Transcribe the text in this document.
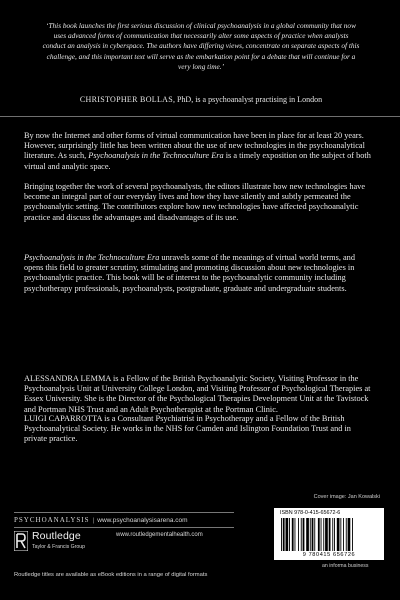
‘This book launches the first serious discussion of clinical psychoanalysis in a global community that now uses advanced forms of communication that necessarily alter some aspects of practice when analysts conduct an analysis in cyberspace. The authors have differing views, concentrate on separate aspects of this challenge, and this important text will serve as the embarkation point for a debate that will continue for a very long time.’
CHRISTOPHER BOLLAS, PhD, is a psychoanalyst practising in London

By now the Internet and other forms of virtual communication have been in place for at least 20 years. However, surprisingly little has been written about the use of new technologies in the psychoanalytical literature. As such, Psychoanalysis in the Technoculture Era is a timely exposition on the subject of both virtual and analytic space.

Bringing together the work of several psychoanalysts, the editors illustrate how new technologies have become an integral part of our everyday lives and how they have silently and subtly permeated the psychoanalytic setting. The contributors explore how new technologies have affected psychoanalytic practice and discuss the advantages and disadvantages of its use.

Psychoanalysis in the Technoculture Era unravels some of the meanings of virtual world terms, and opens this field to greater scrutiny, stimulating and promoting discussion about new technologies in psychoanalytic practice. This book will be of interest to the psychoanalytic community including psychotherapy professionals, psychoanalysts, postgraduate, graduate and undergraduate students.

ALESSANDRA LEMMA is a Fellow of the British Psychoanalytic Society, Visiting Professor in the Psychoanalysis Unit at University College London, and Visiting Professor of Psychological Therapies at Essex University. She is the Director of the Psychological Therapies Development Unit at the Tavistock and Portman NHS Trust and an Adult Psychotherapist at the Portman Clinic.

LUIGI CAPARROTTA is a Consultant Psychiatrist in Psychotherapy and a Fellow of the British Psychoanalytical Society. He works in the NHS for Camden and Islington Foundation Trust and in private practice.

Cover image: Jan Kowalski
PSYCHOANALYSIS | www.psychoanalysisarena.com
Routledge
Taylor & Francis Group
www.routledgementalhealth.com
ISBN 978-0-415-65672-6
9 780415 656726
an informa business
Routledge titles are available as eBook editions in a range of digital formats
